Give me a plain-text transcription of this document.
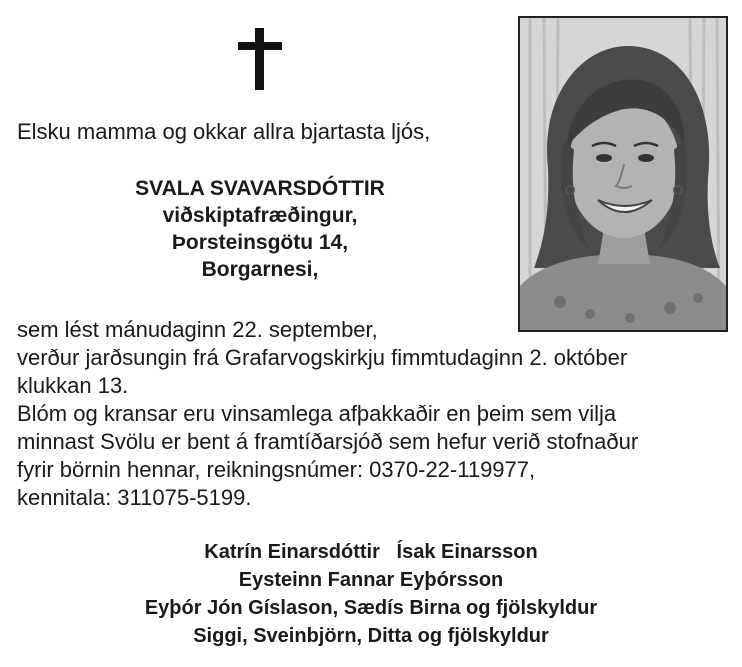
Elsku mamma og okkar allra bjartasta ljós,
SVALA SVAVARSDÓTTIR
viðskiptafræðingur,
Þorsteinsgötu 14,
Borgarnesi,
sem lést mánudaginn 22. september,
verður jarðsungin frá Grafarvogskirkju fimmtudaginn 2. október
klukkan 13.
Blóm og kransar eru vinsamlega afþakkaðir en þeim sem vilja
minnast Svölu er bent á framtíðarsjóð sem hefur verið stofnaður
fyrir börnin hennar, reikningsnúmer: 0370-22-119977,
kennitala: 311075-5199.
Katrín Einarsdóttir   Ísak Einarsson
Eysteinn Fannar Eyþórsson
Eyþór Jón Gíslason, Sædís Birna og fjölskyldur
Siggi, Sveinbjörn, Ditta og fjölskyldur
